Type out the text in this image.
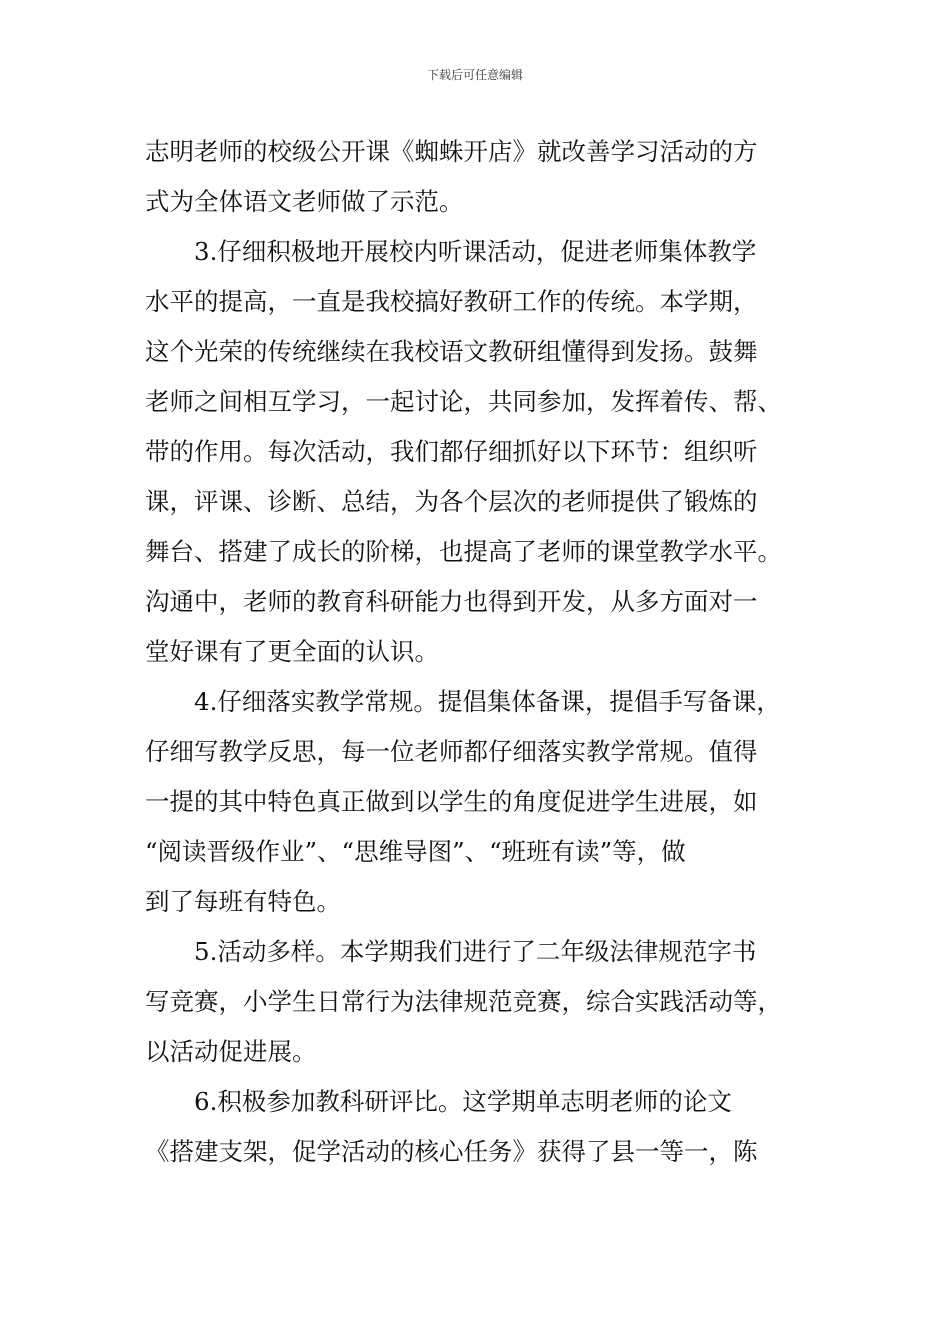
下载后可任意编辑
志明老师的校级公开课《蜘蛛开店》就改善学习活动的方
式为全体语文老师做了示范。
3.仔细积极地开展校内听课活动，促进老师集体教学
水平的提高，一直是我校搞好教研工作的传统。本学期，
这个光荣的传统继续在我校语文教研组懂得到发扬。鼓舞
老师之间相互学习，一起讨论，共同参加，发挥着传、帮、
带的作用。每次活动，我们都仔细抓好以下环节：组织听
课，评课、诊断、总结，为各个层次的老师提供了锻炼的
舞台、搭建了成长的阶梯，也提高了老师的课堂教学水平。
沟通中，老师的教育科研能力也得到开发，从多方面对一
堂好课有了更全面的认识。
4.仔细落实教学常规。提倡集体备课，提倡手写备课，
仔细写教学反思，每一位老师都仔细落实教学常规。值得
一提的其中特色真正做到以学生的角度促进学生进展，如
“阅读晋级作业”、“思维导图”、“班班有读”等，做
到了每班有特色。
5.活动多样。本学期我们进行了二年级法律规范字书
写竞赛，小学生日常行为法律规范竞赛，综合实践活动等，
以活动促进展。
6.积极参加教科研评比。这学期单志明老师的论文
《搭建支架，促学活动的核心任务》获得了县一等一，陈
